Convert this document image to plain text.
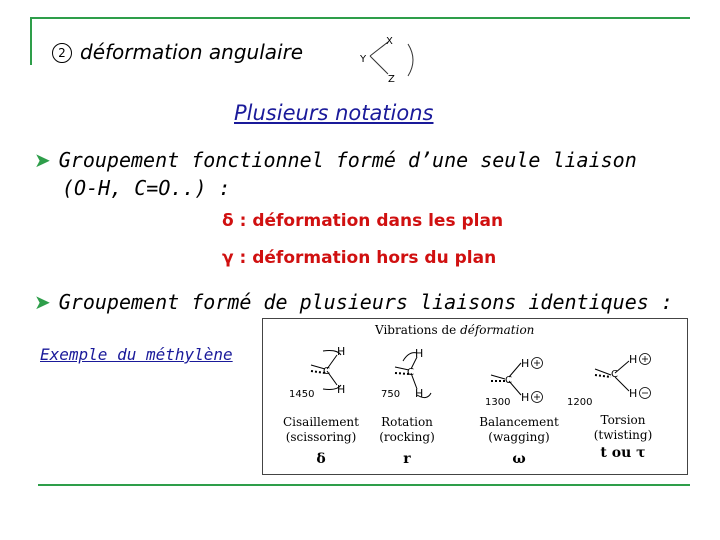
2 déformation angulaire	X
Y
Z
Plusieurs notations
➤ Groupement fonctionnel formé d’une seule liaison
(O-H, C=O..) :
δ : déformation dans les plan
γ : déformation hors du plan
➤ Groupement formé de plusieurs liaisons identiques :
Exemple du méthylène
Vibrations de déformation
C
H
H
1450
Cisaillement
(scissoring)
δ
C
H
H
750
Rotation
(rocking)
r
C
H
H
1300
Balancement
(wagging)
ω
C
H
H
1200
Torsion
(twisting)
t ou τ
